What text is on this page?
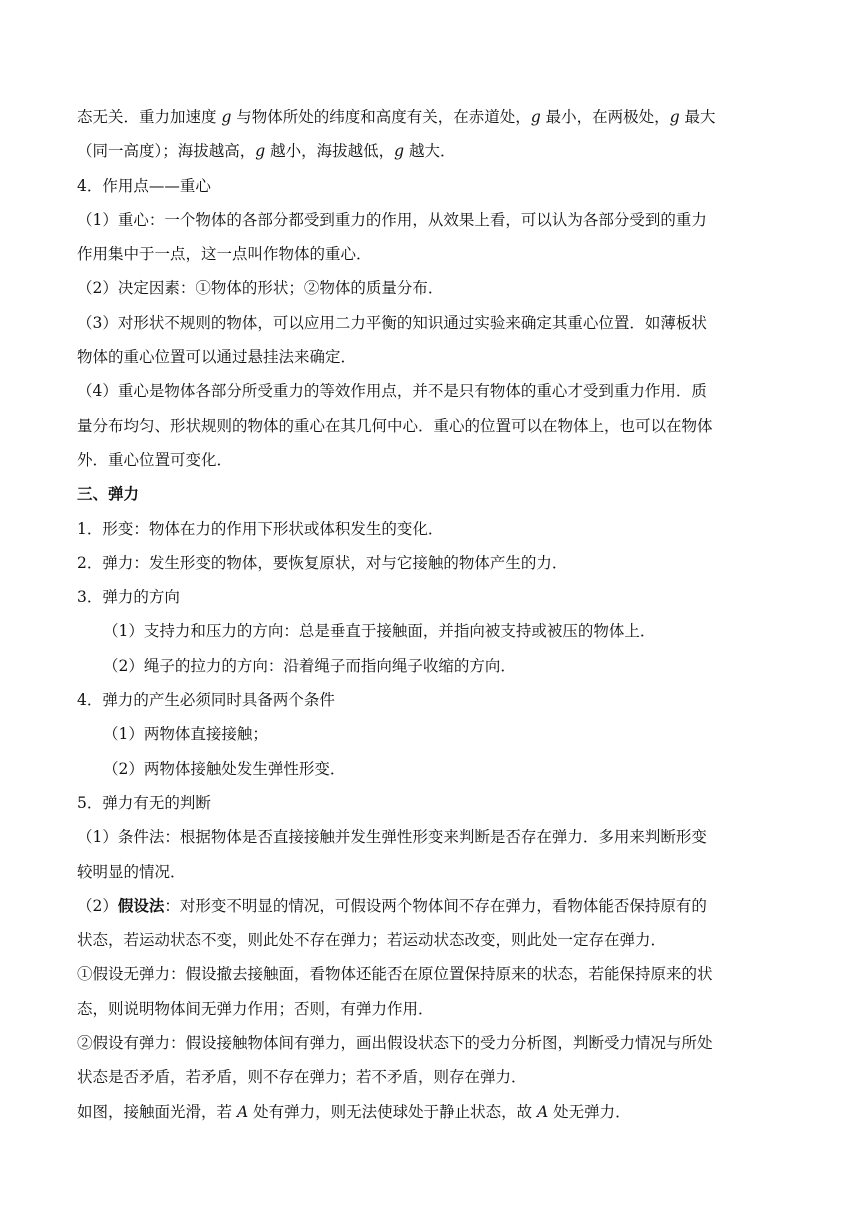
态无关．重力加速度 g 与物体所处的纬度和高度有关，在赤道处，g 最小，在两极处，g 最大
（同一高度）；海拔越高，g 越小，海拔越低，g 越大．
4．作用点——重心
（1）重心：一个物体的各部分都受到重力的作用，从效果上看，可以认为各部分受到的重力
作用集中于一点，这一点叫作物体的重心．
（2）决定因素：①物体的形状；②物体的质量分布．
（3）对形状不规则的物体，可以应用二力平衡的知识通过实验来确定其重心位置．如薄板状
物体的重心位置可以通过悬挂法来确定．
（4）重心是物体各部分所受重力的等效作用点，并不是只有物体的重心才受到重力作用．质
量分布均匀、形状规则的物体的重心在其几何中心．重心的位置可以在物体上，也可以在物体
外．重心位置可变化．
三、弹力
1．形变：物体在力的作用下形状或体积发生的变化．
2．弹力：发生形变的物体，要恢复原状，对与它接触的物体产生的力．
3．弹力的方向
（1）支持力和压力的方向：总是垂直于接触面，并指向被支持或被压的物体上．
（2）绳子的拉力的方向：沿着绳子而指向绳子收缩的方向．
4．弹力的产生必须同时具备两个条件
（1）两物体直接接触；
（2）两物体接触处发生弹性形变．
5．弹力有无的判断
（1）条件法：根据物体是否直接接触并发生弹性形变来判断是否存在弹力．多用来判断形变
较明显的情况．
（2）假设法：对形变不明显的情况，可假设两个物体间不存在弹力，看物体能否保持原有的
状态，若运动状态不变，则此处不存在弹力；若运动状态改变，则此处一定存在弹力．
①假设无弹力：假设撤去接触面，看物体还能否在原位置保持原来的状态，若能保持原来的状
态，则说明物体间无弹力作用；否则，有弹力作用．
②假设有弹力：假设接触物体间有弹力，画出假设状态下的受力分析图，判断受力情况与所处
状态是否矛盾，若矛盾，则不存在弹力；若不矛盾，则存在弹力．
如图，接触面光滑，若 A 处有弹力，则无法使球处于静止状态，故 A 处无弹力．
